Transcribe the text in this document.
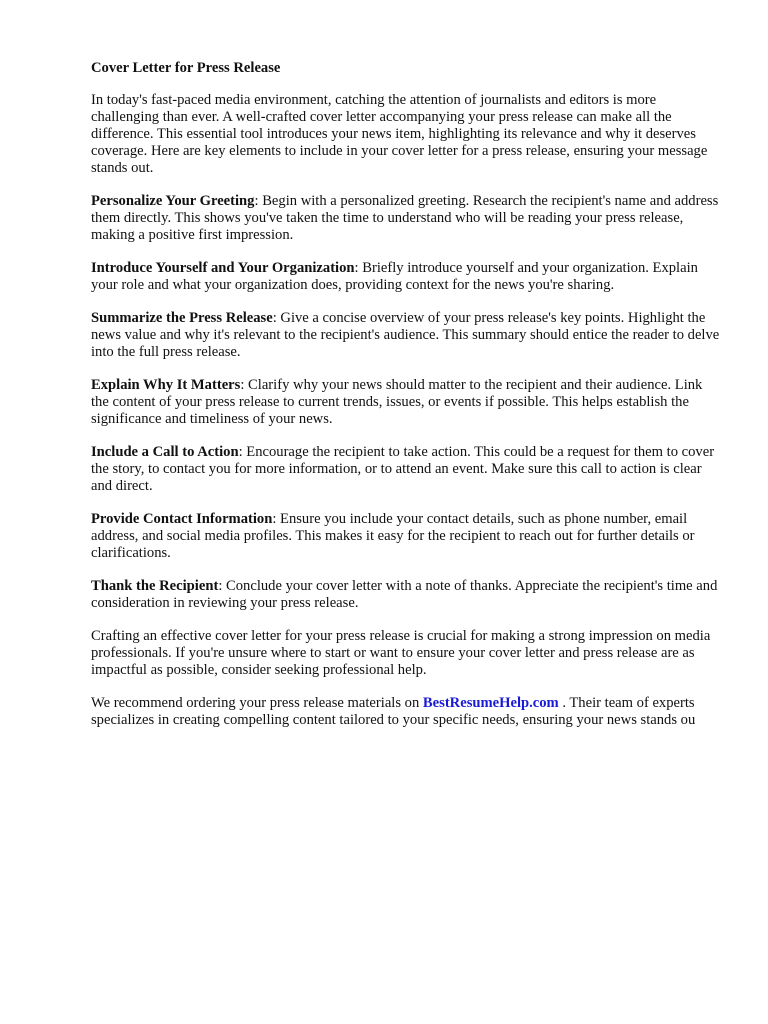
Cover Letter for Press Release

In today's fast-paced media environment, catching the attention of journalists and editors is more challenging than ever. A well-crafted cover letter accompanying your press release can make all the difference. This essential tool introduces your news item, highlighting its relevance and why it deserves coverage. Here are key elements to include in your cover letter for a press release, ensuring your message stands out.

Personalize Your Greeting: Begin with a personalized greeting. Research the recipient's name and address them directly. This shows you've taken the time to understand who will be reading your press release, making a positive first impression.

Introduce Yourself and Your Organization: Briefly introduce yourself and your organization. Explain your role and what your organization does, providing context for the news you're sharing.

Summarize the Press Release: Give a concise overview of your press release's key points. Highlight the news value and why it's relevant to the recipient's audience. This summary should entice the reader to delve into the full press release.

Explain Why It Matters: Clarify why your news should matter to the recipient and their audience. Link the content of your press release to current trends, issues, or events if possible. This helps establish the significance and timeliness of your news.

Include a Call to Action: Encourage the recipient to take action. This could be a request for them to cover the story, to contact you for more information, or to attend an event. Make sure this call to action is clear and direct.

Provide Contact Information: Ensure you include your contact details, such as phone number, email address, and social media profiles. This makes it easy for the recipient to reach out for further details or clarifications.

Thank the Recipient: Conclude your cover letter with a note of thanks. Appreciate the recipient's time and consideration in reviewing your press release.

Crafting an effective cover letter for your press release is crucial for making a strong impression on media professionals. If you're unsure where to start or want to ensure your cover letter and press release are as impactful as possible, consider seeking professional help.

We recommend ordering your press release materials on BestResumeHelp.com . Their team of experts specializes in creating compelling content tailored to your specific needs, ensuring your news stands ou
